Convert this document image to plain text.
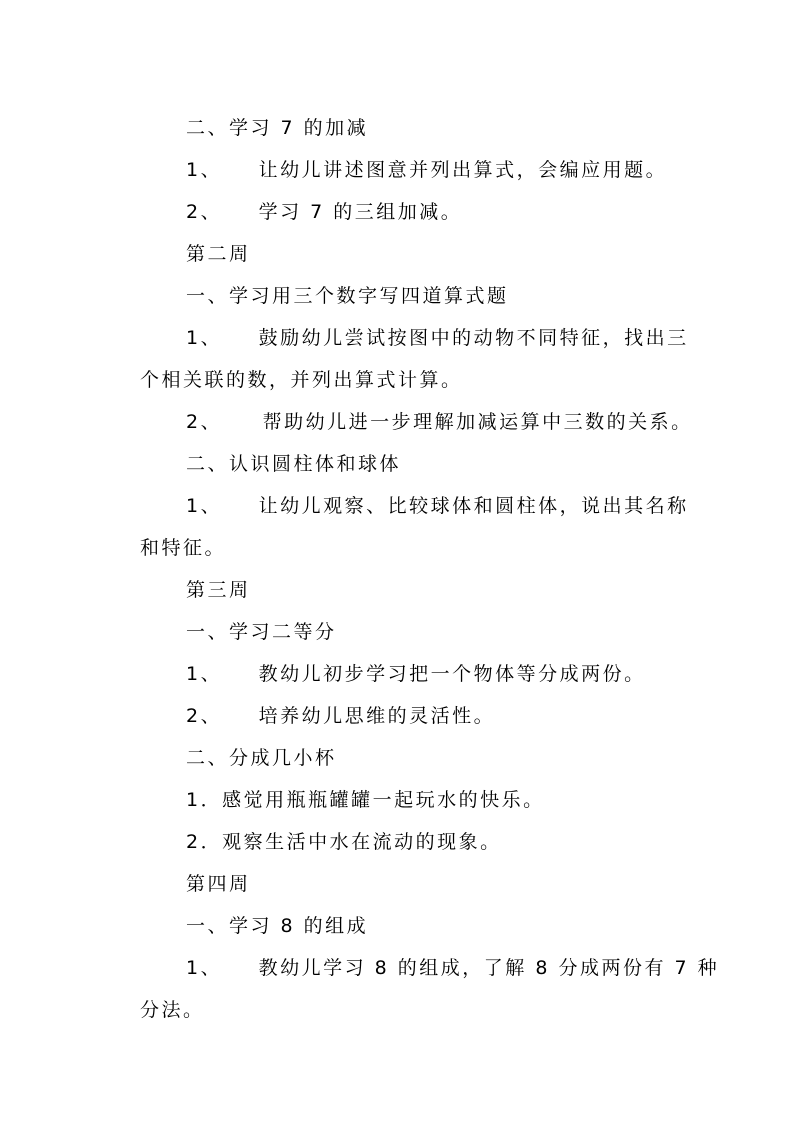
二、学习 7 的加减
1、 让幼儿讲述图意并列出算式，会编应用题。
2、 学习 7 的三组加减。
第二周
一、学习用三个数字写四道算式题
1、 鼓励幼儿尝试按图中的动物不同特征，找出三
个相关联的数，并列出算式计算。
2、 帮助幼儿进一步理解加减运算中三数的关系。
二、认识圆柱体和球体
1、 让幼儿观察、比较球体和圆柱体，说出其名称
和特征。
第三周
一、学习二等分
1、 教幼儿初步学习把一个物体等分成两份。
2、 培养幼儿思维的灵活性。
二、分成几小杯
1．感觉用瓶瓶罐罐一起玩水的快乐。
2．观察生活中水在流动的现象。
第四周
一、学习 8 的组成
1、 教幼儿学习 8 的组成，了解 8 分成两份有 7 种
分法。
